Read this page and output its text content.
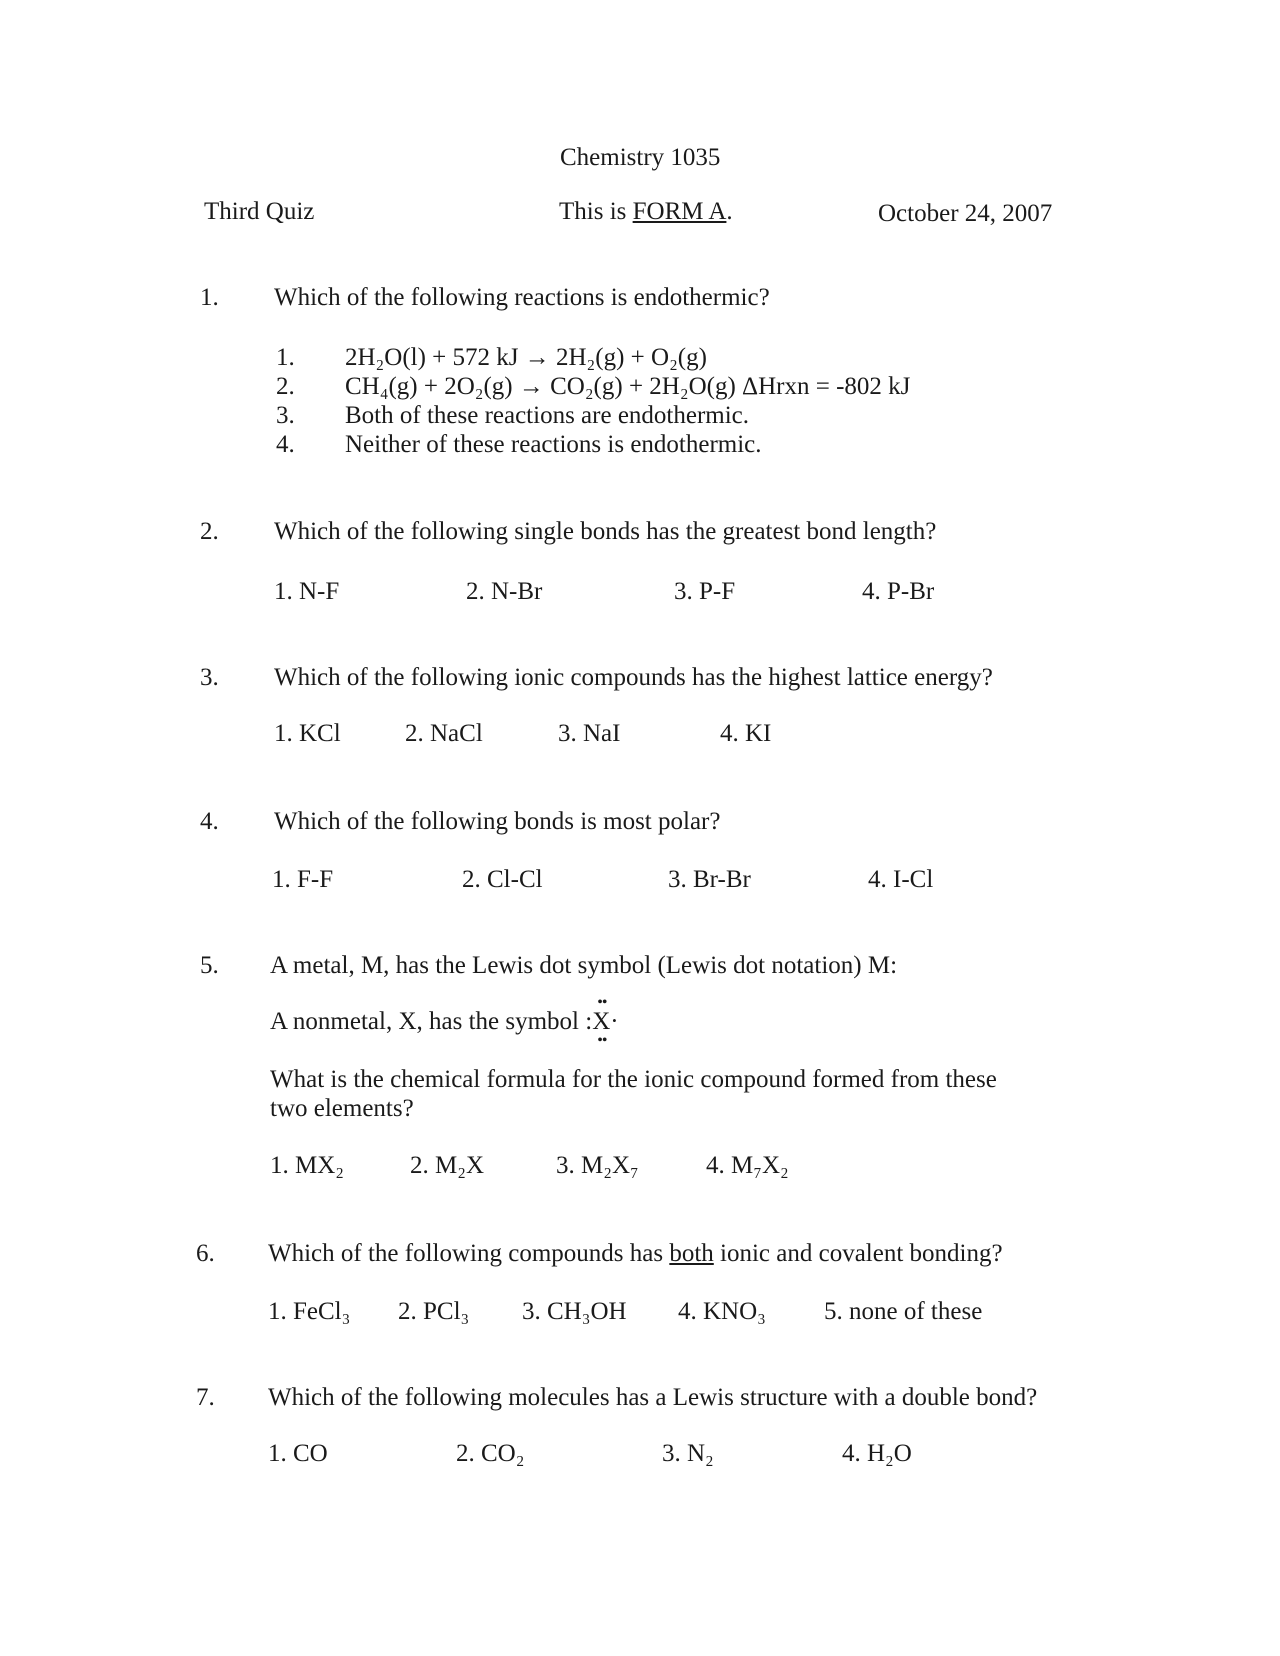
Chemistry 1035
Third Quiz	This is FORM A.	October 24, 2007
1. Which of the following reactions is endothermic?
1. 2H₂O(l) + 572 kJ → 2H₂(g) + O₂(g)
2. CH₄(g) + 2O₂(g) → CO₂(g) + 2H₂O(g) ΔHrxn = -802 kJ
3. Both of these reactions are endothermic.
4. Neither of these reactions is endothermic.
2. Which of the following single bonds has the greatest bond length?
1. N-F	2. N-Br	3. P-F	4. P-Br
3. Which of the following ionic compounds has the highest lattice energy?
1. KCl	2. NaCl	3. NaI	4. KI
4. Which of the following bonds is most polar?
1. F-F	2. Cl-Cl	3. Br-Br	4. I-Cl
5. A metal, M, has the Lewis dot symbol (Lewis dot notation) M:
A nonmetal, X, has the symbol
••
:X·
••
What is the chemical formula for the ionic compound formed from these two elements?
1. MX₂	2. M₂X	3. M₂X₇	4. M₇X₂
6. Which of the following compounds has both ionic and covalent bonding?
1. FeCl₃ 2. PCl₃ 3. CH₃OH 4. KNO₃ 5. none of these
7. Which of the following molecules has a Lewis structure with a double bond?
1. CO	2. CO₂	3. N₂	4. H₂O
